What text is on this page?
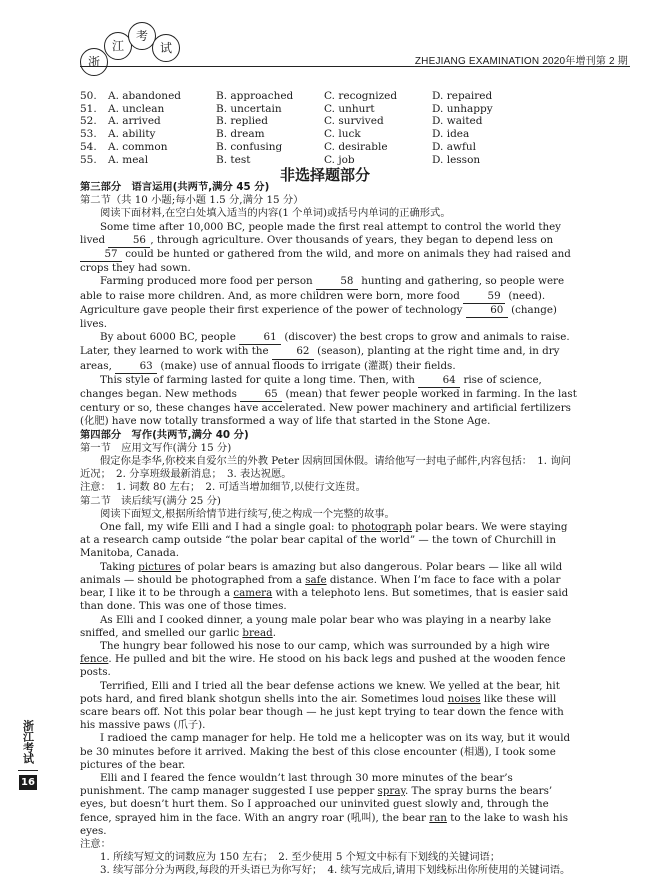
浙
江
考
试
ZHEJIANG EXAMINATION 2020年增刊第 2 期
50.	A. abandoned	B. approached	C. recognized	D. repaired
51.	A. unclean	B. uncertain	C. unhurt	D. unhappy
52.	A. arrived	B. replied	C. survived	D. waited
53.	A. ability	B. dream	C. luck	D. idea
54.	A. common	B. confusing	C. desirable	D. awful
55.	A. meal	B. test	C. job	D. lesson
非选择题部分

第三部分　语言运用(共两节,满分 45 分)

第二节（共 10 小题;每小题 1.5 分,满分 15 分）

阅读下面材料,在空白处填入适当的内容(1 个单词)或括号内单词的正确形式。

Some time after 10,000 BC, people made the first real attempt to control the world they lived	56 , through agriculture. Over thousands of years, they began to depend less on 57 could be hunted or gathered from the wild, and more on animals they had raised and crops they had sown.

Farming produced more food per person	58 hunting and gathering, so people were able to raise more children. And, as more children were born, more food	59 (need). Agriculture gave people their first experience of the power of technology	60 (change) lives.

By about 6000 BC, people	61 (discover) the best crops to grow and animals to raise. Later, they learned to work with the	62 (season), planting at the right time and, in dry areas,	63 (make) use of annual floods to irrigate (灌溉) their fields.

This style of farming lasted for quite a long time. Then, with	64 rise of science, changes began. New methods	65 (mean) that fewer people worked in farming. In the last century or so, these changes have accelerated. New power machinery and artificial fertilizers (化肥) have now totally transformed a way of life that started in the Stone Age.

第四部分　写作(共两节,满分 40 分)

第一节　应用文写作(满分 15 分)

假定你是李华,你校来自爱尔兰的外教 Peter 因病回国休假。请给他写一封电子邮件,内容包括：　1. 询问近况；　2. 分享班级最新消息；　3. 表达祝愿。

注意：　1. 词数 80 左右；　2. 可适当增加细节,以使行文连贯。

第二节　读后续写(满分 25 分)

阅读下面短文,根据所给情节进行续写,使之构成一个完整的故事。

One fall, my wife Elli and I had a single goal: to photograph polar bears. We were staying at a research camp outside “the polar bear capital of the world” — the town of Churchill in Manitoba, Canada.

Taking pictures of polar bears is amazing but also dangerous. Polar bears — like all wild animals — should be photographed from a safe distance. When I’m face to face with a polar bear, I like it to be through a camera with a telephoto lens. But sometimes, that is easier said than done. This was one of those times.

As Elli and I cooked dinner, a young male polar bear who was playing in a nearby lake sniffed, and smelled our garlic bread.

The hungry bear followed his nose to our camp, which was surrounded by a high wire fence. He pulled and bit the wire. He stood on his back legs and pushed at the wooden fence posts.

Terrified, Elli and I tried all the bear defense actions we knew. We yelled at the bear, hit pots hard, and fired blank shotgun shells into the air. Sometimes loud noises like these will scare bears off. Not this polar bear though — he just kept trying to tear down the fence with his massive paws (爪子).

I radioed the camp manager for help. He told me a helicopter was on its way, but it would be 30 minutes before it arrived. Making the best of this close encounter (相遇), I took some pictures of the bear.

Elli and I feared the fence wouldn’t last through 30 more minutes of the bear’s punishment. The camp manager suggested I use pepper spray. The spray burns the bears’ eyes, but doesn’t hurt them. So I approached our uninvited guest slowly and, through the fence, sprayed him in the face. With an angry roar (吼叫), the bear ran to the lake to wash his eyes.

注意：

1. 所续写短文的词数应为 150 左右；　2. 至少使用 5 个短文中标有下划线的关键词语；

3. 续写部分分为两段,每段的开头语已为你写好；　4. 续写完成后,请用下划线标出你所使用的关键词语。

浙江考试
16
